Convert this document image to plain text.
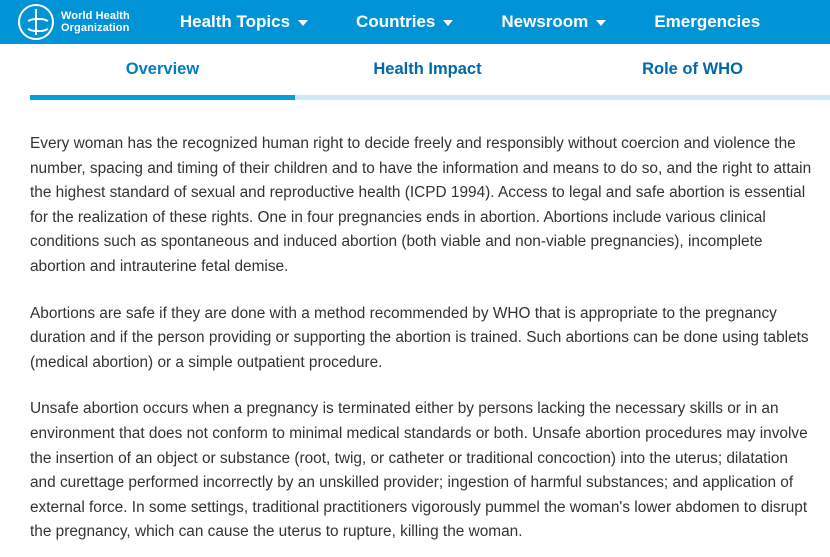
World Health
Organization	Health Topics	Countries	Newsroom	Emergencies
Overview	Health Impact	Role of WHO

Every woman has the recognized human right to decide freely and responsibly without coercion and violence the number, spacing and timing of their children and to have the information and means to do so, and the right to attain the highest standard of sexual and reproductive health (ICPD 1994). Access to legal and safe abortion is essential for the realization of these rights. One in four pregnancies ends in abortion. Abortions include various clinical conditions such as spontaneous and induced abortion (both viable and non-viable pregnancies), incomplete abortion and intrauterine fetal demise.

Abortions are safe if they are done with a method recommended by WHO that is appropriate to the pregnancy duration and if the person providing or supporting the abortion is trained. Such abortions can be done using tablets (medical abortion) or a simple outpatient procedure.

Unsafe abortion occurs when a pregnancy is terminated either by persons lacking the necessary skills or in an environment that does not conform to minimal medical standards or both. Unsafe abortion procedures may involve the insertion of an object or substance (root, twig, or catheter or traditional concoction) into the uterus; dilatation and curettage performed incorrectly by an unskilled provider; ingestion of harmful substances; and application of external force. In some settings, traditional practitioners vigorously pummel the woman's lower abdomen to disrupt the pregnancy, which can cause the uterus to rupture, killing the woman.
